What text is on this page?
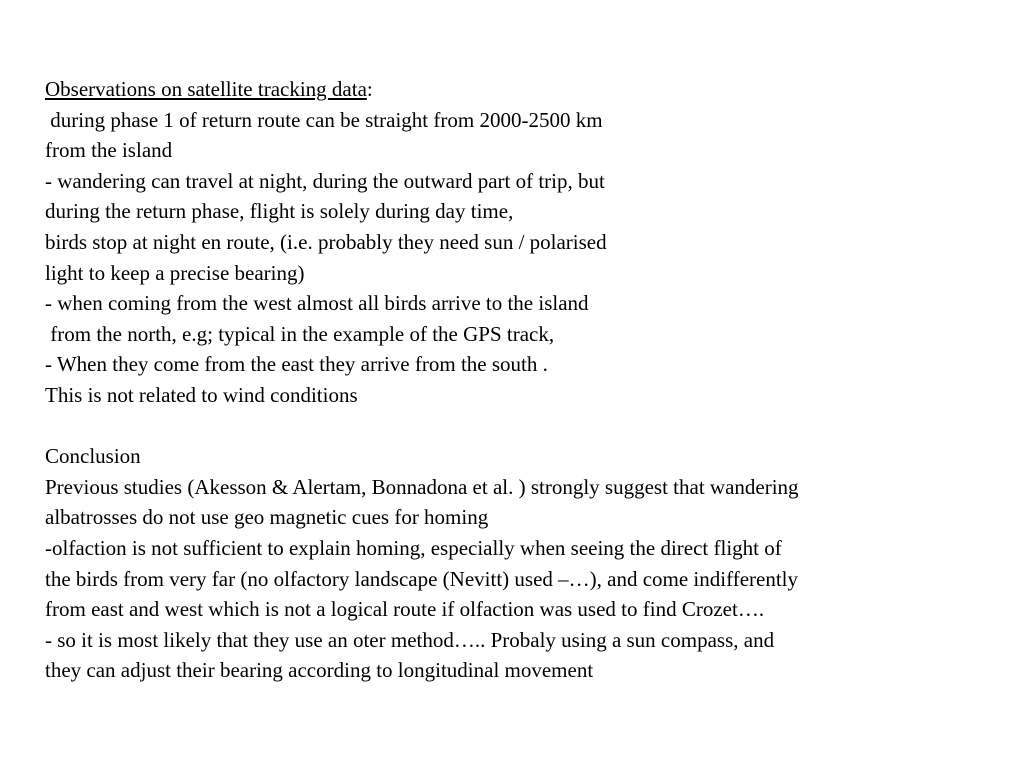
Observations on satellite tracking data:
during phase 1 of return route can be straight from 2000-2500 km
from the island
- wandering can travel at night, during the outward part of trip, but
during the return phase, flight is solely during day time,
birds stop at night en route, (i.e. probably they need sun / polarised
light to keep a precise bearing)
- when coming from the west almost all birds arrive to the island
from the north, e.g; typical in the example of the GPS track,
- When they come from the east they arrive from the south .
This is not related to wind conditions
Conclusion
Previous studies (Akesson & Alertam, Bonnadona et al. ) strongly suggest that wandering
albatrosses do not use geo magnetic cues for homing
-olfaction is not sufficient to explain homing, especially when seeing the direct flight of
the birds from very far (no olfactory landscape (Nevitt) used –…), and come indifferently
from east and west which is not a logical route if olfaction was used to find Crozet….
- so it is most likely that they use an oter method….. Probaly using a sun compass, and
they can adjust their bearing according to longitudinal movement
